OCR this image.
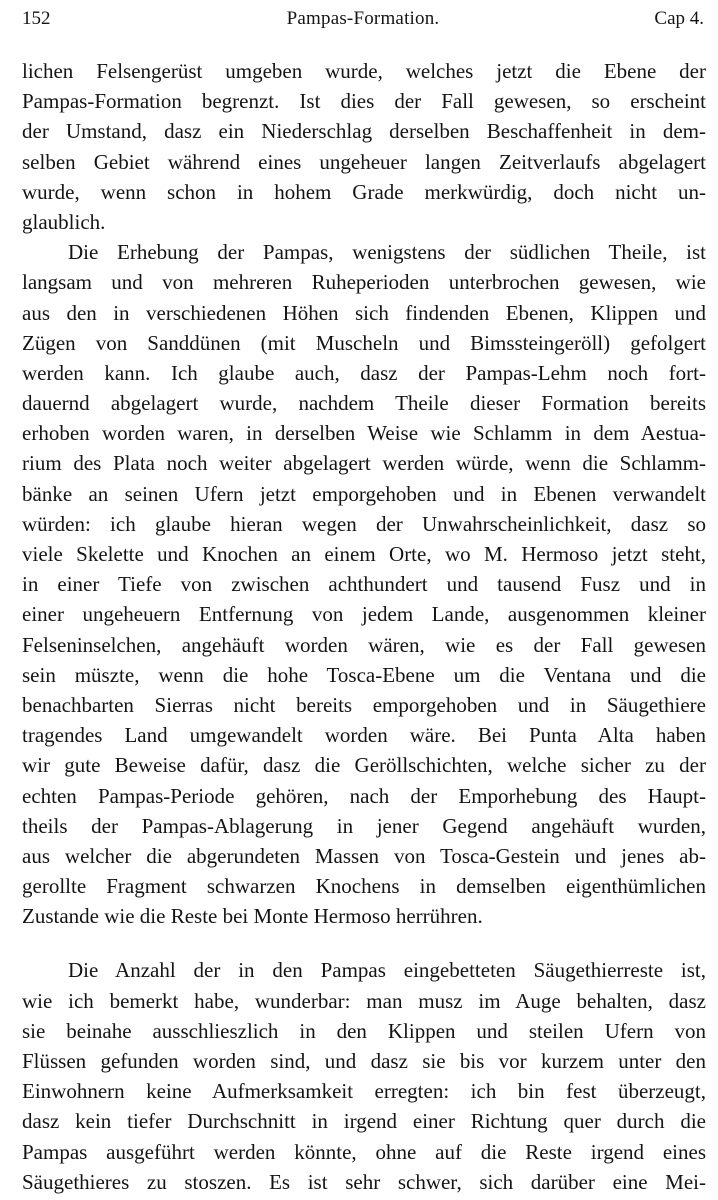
152	Pampas-Formation.	Cap 4.

lichen Felsengerüst umgeben wurde, welches jetzt die Ebene der
Pampas-Formation begrenzt. Ist dies der Fall gewesen, so erscheint
der Umstand, dasz ein Niederschlag derselben Beschaffenheit in dem-
selben Gebiet während eines ungeheuer langen Zeitverlaufs abgelagert
wurde, wenn schon in hohem Grade merkwürdig, doch nicht un-
glaublich.

Die Erhebung der Pampas, wenigstens der südlichen Theile, ist
langsam und von mehreren Ruheperioden unterbrochen gewesen, wie
aus den in verschiedenen Höhen sich findenden Ebenen, Klippen und
Zügen von Sanddünen (mit Muscheln und Bimssteingeröll) gefolgert
werden kann. Ich glaube auch, dasz der Pampas-Lehm noch fort-
dauernd abgelagert wurde, nachdem Theile dieser Formation bereits
erhoben worden waren, in derselben Weise wie Schlamm in dem Aestua-
rium des Plata noch weiter abgelagert werden würde, wenn die Schlamm-
bänke an seinen Ufern jetzt emporgehoben und in Ebenen verwandelt
würden: ich glaube hieran wegen der Unwahrscheinlichkeit, dasz so
viele Skelette und Knochen an einem Orte, wo M. Hermoso jetzt steht,
in einer Tiefe von zwischen achthundert und tausend Fusz und in
einer ungeheuern Entfernung von jedem Lande, ausgenommen kleiner
Felseninselchen, angehäuft worden wären, wie es der Fall gewesen
sein müszte, wenn die hohe Tosca-Ebene um die Ventana und die
benachbarten Sierras nicht bereits emporgehoben und in Säugethiere
tragendes Land umgewandelt worden wäre. Bei Punta Alta haben
wir gute Beweise dafür, dasz die Geröllschichten, welche sicher zu der
echten Pampas-Periode gehören, nach der Emporhebung des Haupt-
theils der Pampas-Ablagerung in jener Gegend angehäuft wurden,
aus welcher die abgerundeten Massen von Tosca-Gestein und jenes ab-
gerollte Fragment schwarzen Knochens in demselben eigenthümlichen
Zustande wie die Reste bei Monte Hermoso herrühren.

Die Anzahl der in den Pampas eingebetteten Säugethierreste ist,
wie ich bemerkt habe, wunderbar: man musz im Auge behalten, dasz
sie beinahe ausschlieszlich in den Klippen und steilen Ufern von
Flüssen gefunden worden sind, und dasz sie bis vor kurzem unter den
Einwohnern keine Aufmerksamkeit erregten: ich bin fest überzeugt,
dasz kein tiefer Durchschnitt in irgend einer Richtung quer durch die
Pampas ausgeführt werden könnte, ohne auf die Reste irgend eines
Säugethieres zu stoszen. Es ist sehr schwer, sich darüber eine Mei-
